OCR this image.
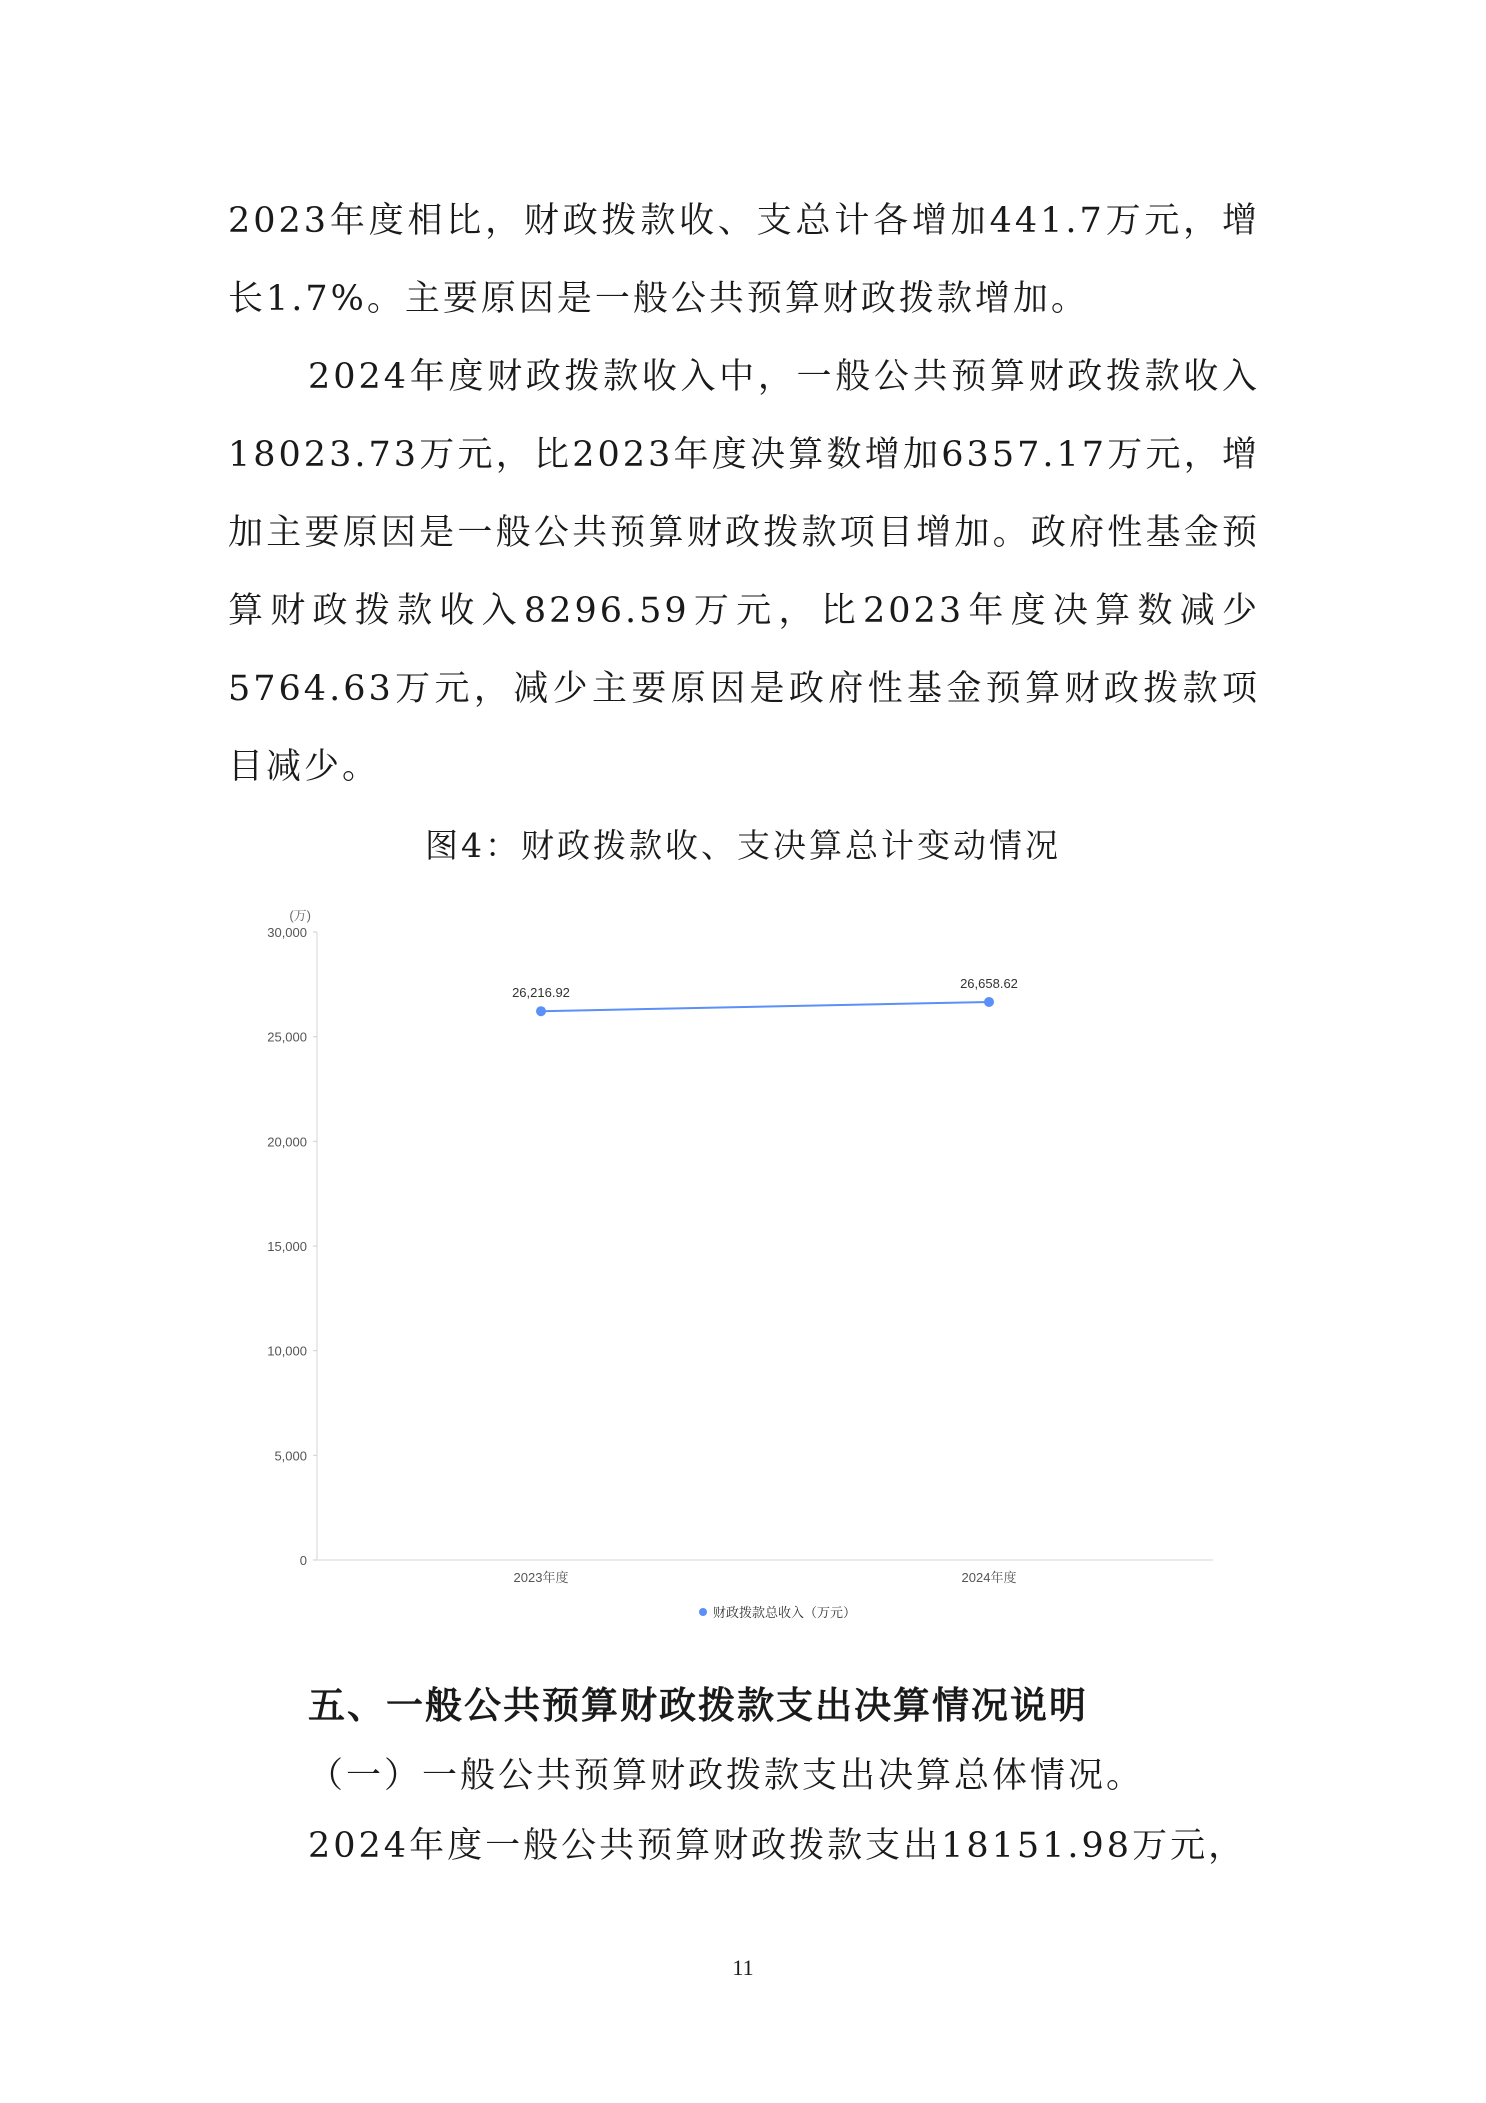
2023年度相比，财政拨款收、支总计各增加441.7万元，增长1.7%。主要原因是一般公共预算财政拨款增加。
2024年度财政拨款收入中，一般公共预算财政拨款收入18023.73万元，比2023年度决算数增加6357.17万元，增加主要原因是一般公共预算财政拨款项目增加。政府性基金预算财政拨款收入8296.59万元，比2023年度决算数减少5764.63万元，减少主要原因是政府性基金预算财政拨款项目减少。
图4：财政拨款收、支决算总计变动情况
(万)
0
5,000
10,000
15,000
20,000
25,000
30,000
2023年度	2024年度
26,216.92
26,658.62
财政拨款总收入（万元）
五、一般公共预算财政拨款支出决算情况说明
（一）一般公共预算财政拨款支出决算总体情况。
2024年度一般公共预算财政拨款支出18151.98万元，
11
